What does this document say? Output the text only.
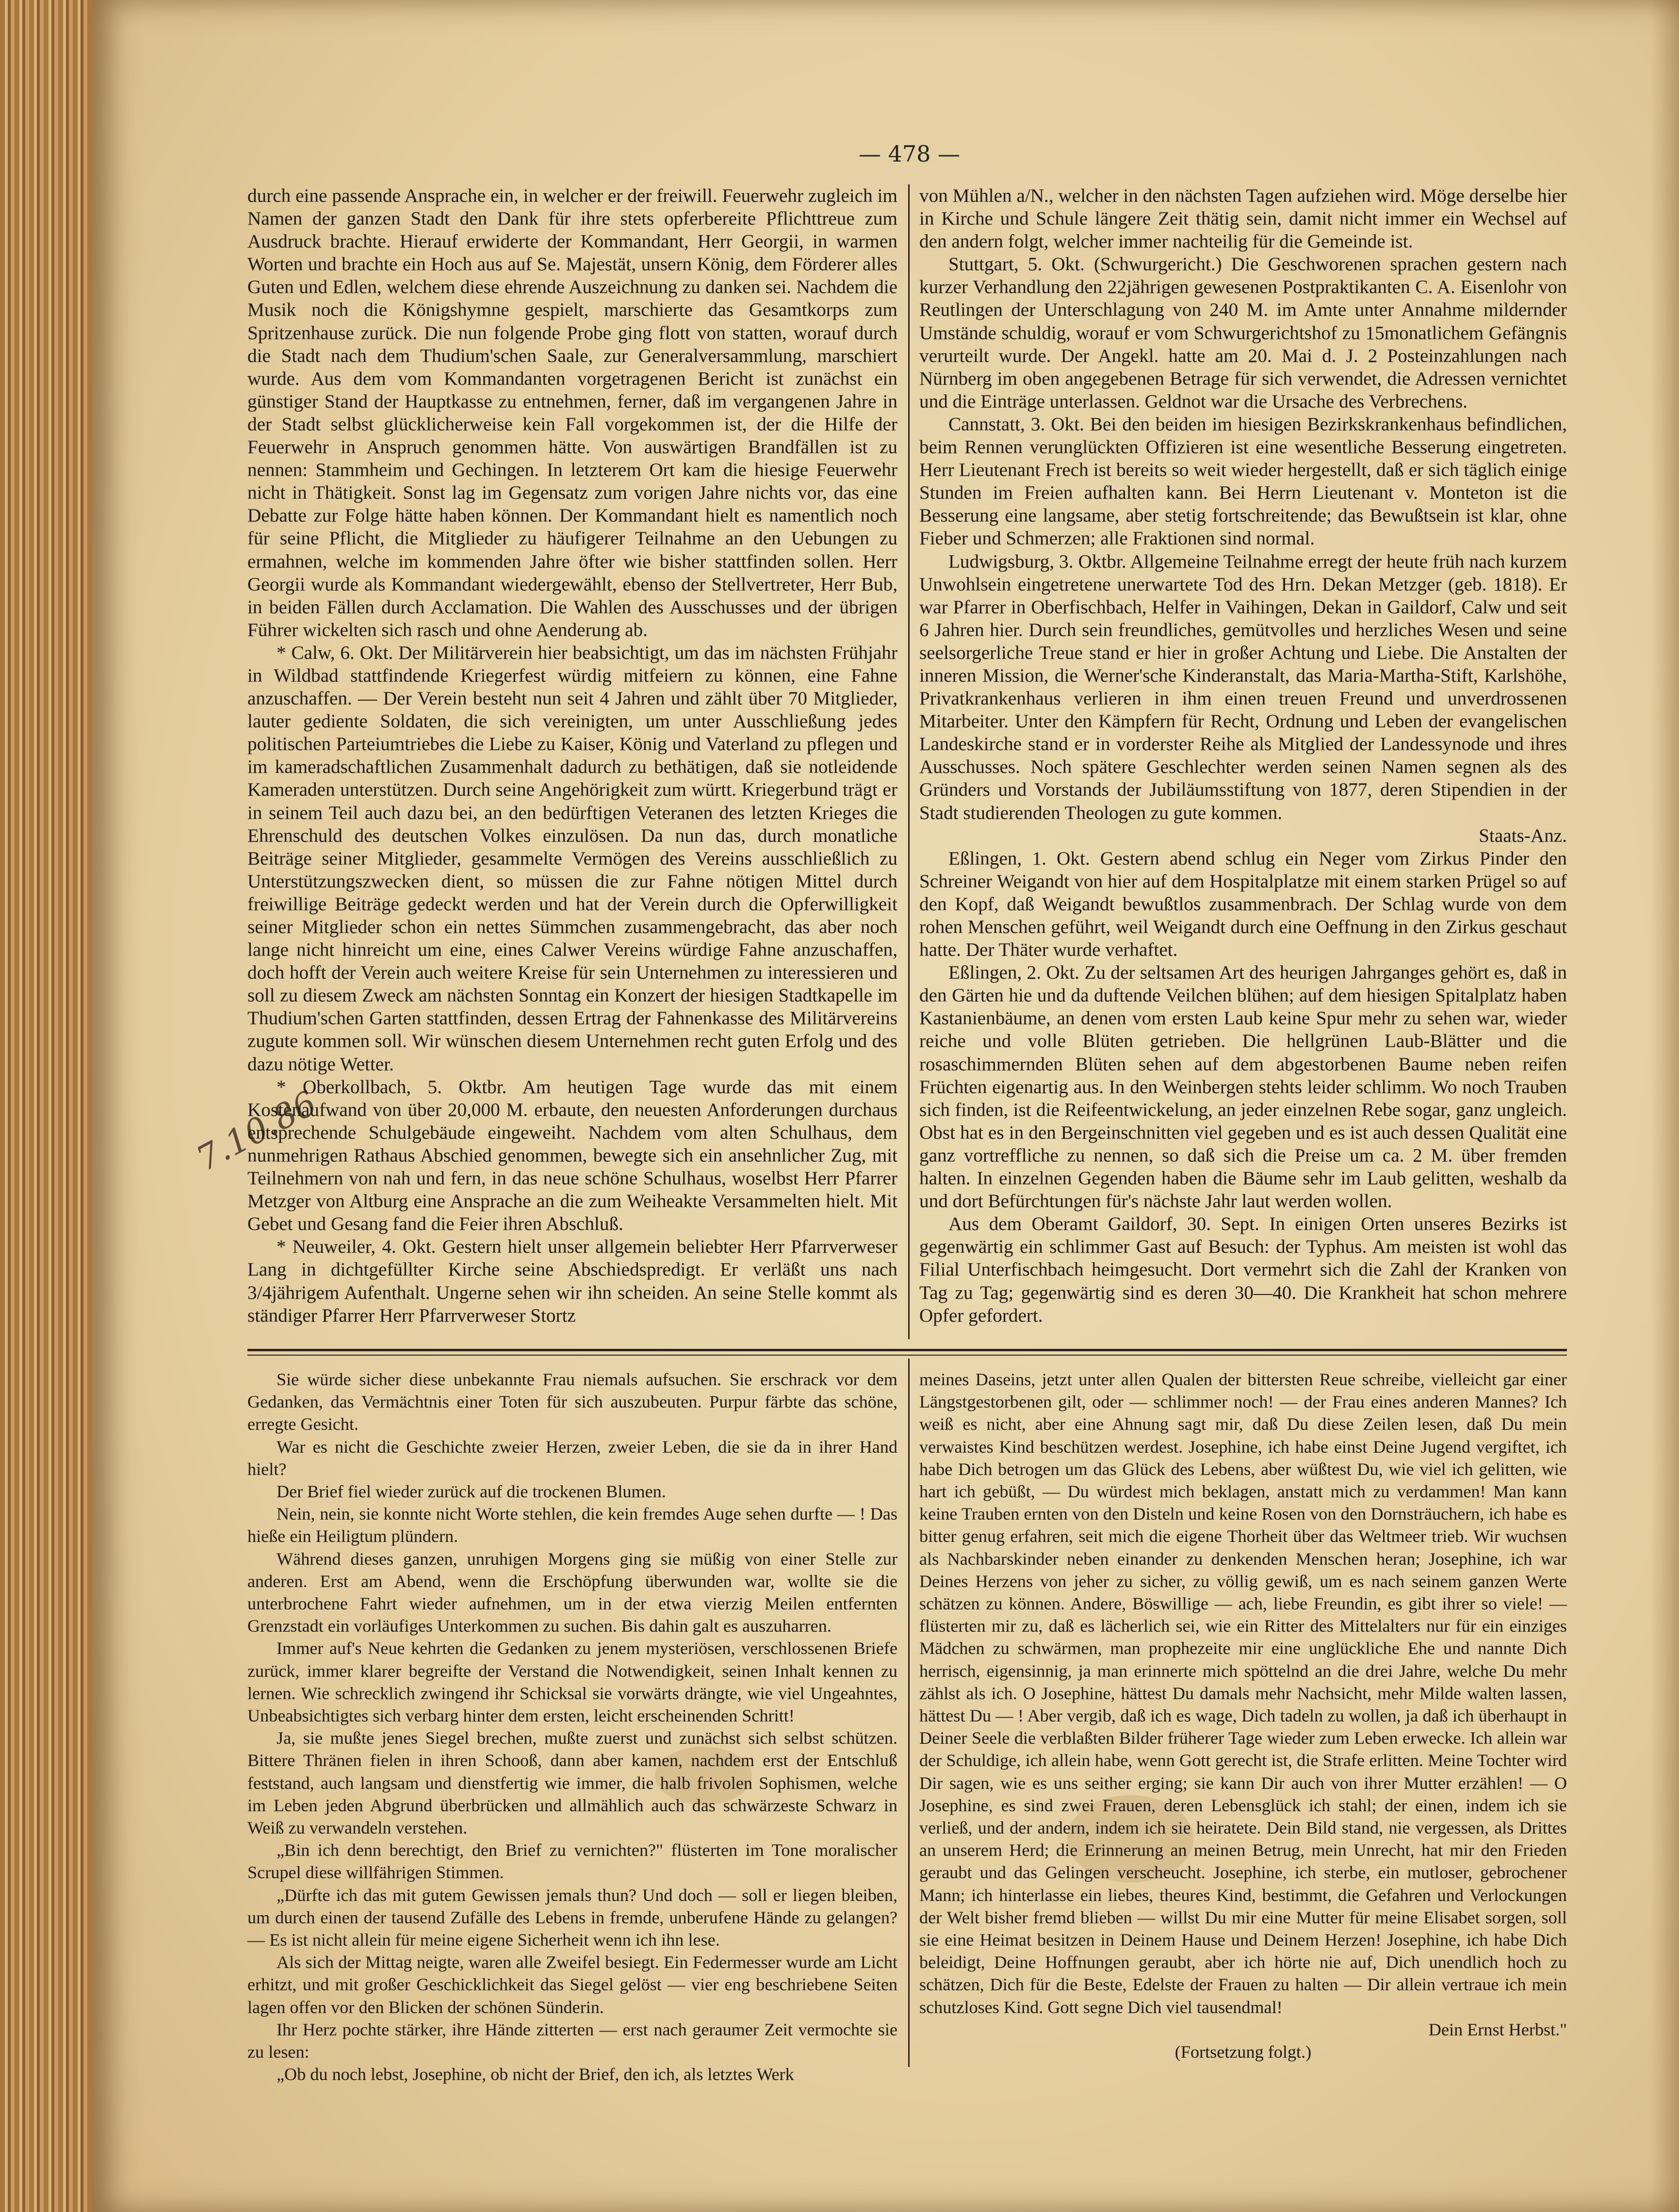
— 478 —
7.10.86

durch eine passende Ansprache ein, in welcher er der freiwill. Feuerwehr zugleich im Namen der ganzen Stadt den Dank für ihre stets opferbereite Pflichttreue zum Ausdruck brachte. Hierauf erwiderte der Kommandant, Herr Georgii, in warmen Worten und brachte ein Hoch aus auf Se. Majestät, unsern König, dem Förderer alles Guten und Edlen, welchem diese ehrende Auszeichnung zu danken sei. Nachdem die Musik noch die Königshymne gespielt, marschierte das Gesamtkorps zum Spritzenhause zurück. Die nun folgende Probe ging flott von statten, worauf durch die Stadt nach dem Thudium'schen Saale, zur Generalversammlung, marschiert wurde. Aus dem vom Kommandanten vorgetragenen Bericht ist zunächst ein günstiger Stand der Hauptkasse zu entnehmen, ferner, daß im vergangenen Jahre in der Stadt selbst glücklicherweise kein Fall vorgekommen ist, der die Hilfe der Feuerwehr in Anspruch genommen hätte. Von auswärtigen Brandfällen ist zu nennen: Stammheim und Gechingen. In letzterem Ort kam die hiesige Feuerwehr nicht in Thätigkeit. Sonst lag im Gegensatz zum vorigen Jahre nichts vor, das eine Debatte zur Folge hätte haben können. Der Kommandant hielt es namentlich noch für seine Pflicht, die Mitglieder zu häufigerer Teilnahme an den Uebungen zu ermahnen, welche im kommenden Jahre öfter wie bisher stattfinden sollen. Herr Georgii wurde als Kommandant wiedergewählt, ebenso der Stellvertreter, Herr Bub, in beiden Fällen durch Acclamation. Die Wahlen des Ausschusses und der übrigen Führer wickelten sich rasch und ohne Aenderung ab.

* Calw, 6. Okt. Der Militärverein hier beabsichtigt, um das im nächsten Frühjahr in Wildbad stattfindende Kriegerfest würdig mitfeiern zu können, eine Fahne anzuschaffen. — Der Verein besteht nun seit 4 Jahren und zählt über 70 Mitglieder, lauter gediente Soldaten, die sich vereinigten, um unter Ausschließung jedes politischen Parteiumtriebes die Liebe zu Kaiser, König und Vaterland zu pflegen und im kameradschaftlichen Zusammenhalt dadurch zu bethätigen, daß sie notleidende Kameraden unterstützen. Durch seine Angehörigkeit zum württ. Kriegerbund trägt er in seinem Teil auch dazu bei, an den bedürftigen Veteranen des letzten Krieges die Ehrenschuld des deutschen Volkes einzulösen. Da nun das, durch monatliche Beiträge seiner Mitglieder, gesammelte Vermögen des Vereins ausschließlich zu Unterstützungszwecken dient, so müssen die zur Fahne nötigen Mittel durch freiwillige Beiträge gedeckt werden und hat der Verein durch die Opferwilligkeit seiner Mitglieder schon ein nettes Sümmchen zusammengebracht, das aber noch lange nicht hinreicht um eine, eines Calwer Vereins würdige Fahne anzuschaffen, doch hofft der Verein auch weitere Kreise für sein Unternehmen zu interessieren und soll zu diesem Zweck am nächsten Sonntag ein Konzert der hiesigen Stadtkapelle im Thudium'schen Garten stattfinden, dessen Ertrag der Fahnenkasse des Militärvereins zugute kommen soll. Wir wünschen diesem Unternehmen recht guten Erfolg und des dazu nötige Wetter.

* Oberkollbach, 5. Oktbr. Am heutigen Tage wurde das mit einem Kostenaufwand von über 20,000 M. erbaute, den neuesten Anforderungen durchaus entsprechende Schulgebäude eingeweiht. Nachdem vom alten Schulhaus, dem nunmehrigen Rathaus Abschied genommen, bewegte sich ein ansehnlicher Zug, mit Teilnehmern von nah und fern, in das neue schöne Schulhaus, woselbst Herr Pfarrer Metzger von Altburg eine Ansprache an die zum Weiheakte Versammelten hielt. Mit Gebet und Gesang fand die Feier ihren Abschluß.

* Neuweiler, 4. Okt. Gestern hielt unser allgemein beliebter Herr Pfarrverweser Lang in dichtgefüllter Kirche seine Abschiedspredigt. Er verläßt uns nach 3/4jährigem Aufenthalt. Ungerne sehen wir ihn scheiden. An seine Stelle kommt als ständiger Pfarrer Herr Pfarrverweser Stortz

von Mühlen a/N., welcher in den nächsten Tagen aufziehen wird. Möge derselbe hier in Kirche und Schule längere Zeit thätig sein, damit nicht immer ein Wechsel auf den andern folgt, welcher immer nachteilig für die Gemeinde ist.

Stuttgart, 5. Okt. (Schwurgericht.) Die Geschworenen sprachen gestern nach kurzer Verhandlung den 22jährigen gewesenen Postpraktikanten C. A. Eisenlohr von Reutlingen der Unterschlagung von 240 M. im Amte unter Annahme mildernder Umstände schuldig, worauf er vom Schwurgerichtshof zu 15monatlichem Gefängnis verurteilt wurde. Der Angekl. hatte am 20. Mai d. J. 2 Posteinzahlungen nach Nürnberg im oben angegebenen Betrage für sich verwendet, die Adressen vernichtet und die Einträge unterlassen. Geldnot war die Ursache des Verbrechens.

Cannstatt, 3. Okt. Bei den beiden im hiesigen Bezirkskrankenhaus befindlichen, beim Rennen verunglückten Offizieren ist eine wesentliche Besserung eingetreten. Herr Lieutenant Frech ist bereits so weit wieder hergestellt, daß er sich täglich einige Stunden im Freien aufhalten kann. Bei Herrn Lieutenant v. Monteton ist die Besserung eine langsame, aber stetig fortschreitende; das Bewußtsein ist klar, ohne Fieber und Schmerzen; alle Fraktionen sind normal.

Ludwigsburg, 3. Oktbr. Allgemeine Teilnahme erregt der heute früh nach kurzem Unwohlsein eingetretene unerwartete Tod des Hrn. Dekan Metzger (geb. 1818). Er war Pfarrer in Oberfischbach, Helfer in Vaihingen, Dekan in Gaildorf, Calw und seit 6 Jahren hier. Durch sein freundliches, gemütvolles und herzliches Wesen und seine seelsorgerliche Treue stand er hier in großer Achtung und Liebe. Die Anstalten der inneren Mission, die Werner'sche Kinderanstalt, das Maria-Martha-Stift, Karlshöhe, Privatkrankenhaus verlieren in ihm einen treuen Freund und unverdrossenen Mitarbeiter. Unter den Kämpfern für Recht, Ordnung und Leben der evangelischen Landeskirche stand er in vorderster Reihe als Mitglied der Landessynode und ihres Ausschusses. Noch spätere Geschlechter werden seinen Namen segnen als des Gründers und Vorstands der Jubiläumsstiftung von 1877, deren Stipendien in der Stadt studierenden Theologen zu gute kommen.

Staats-Anz.

Eßlingen, 1. Okt. Gestern abend schlug ein Neger vom Zirkus Pinder den Schreiner Weigandt von hier auf dem Hospitalplatze mit einem starken Prügel so auf den Kopf, daß Weigandt bewußtlos zusammenbrach. Der Schlag wurde von dem rohen Menschen geführt, weil Weigandt durch eine Oeffnung in den Zirkus geschaut hatte. Der Thäter wurde verhaftet.

Eßlingen, 2. Okt. Zu der seltsamen Art des heurigen Jahrganges gehört es, daß in den Gärten hie und da duftende Veilchen blühen; auf dem hiesigen Spitalplatz haben Kastanienbäume, an denen vom ersten Laub keine Spur mehr zu sehen war, wieder reiche und volle Blüten getrieben. Die hellgrünen Laub-Blätter und die rosaschimmernden Blüten sehen auf dem abgestorbenen Baume neben reifen Früchten eigenartig aus. In den Weinbergen stehts leider schlimm. Wo noch Trauben sich finden, ist die Reifeentwickelung, an jeder einzelnen Rebe sogar, ganz ungleich. Obst hat es in den Bergeinschnitten viel gegeben und es ist auch dessen Qualität eine ganz vortreffliche zu nennen, so daß sich die Preise um ca. 2 M. über fremden halten. In einzelnen Gegenden haben die Bäume sehr im Laub gelitten, weshalb da und dort Befürchtungen für's nächste Jahr laut werden wollen.

Aus dem Oberamt Gaildorf, 30. Sept. In einigen Orten unseres Bezirks ist gegenwärtig ein schlimmer Gast auf Besuch: der Typhus. Am meisten ist wohl das Filial Unterfischbach heimgesucht. Dort vermehrt sich die Zahl der Kranken von Tag zu Tag; gegenwärtig sind es deren 30—40. Die Krankheit hat schon mehrere Opfer gefordert.

Sie würde sicher diese unbekannte Frau niemals aufsuchen. Sie erschrack vor dem Gedanken, das Vermächtnis einer Toten für sich auszubeuten. Purpur färbte das schöne, erregte Gesicht.

War es nicht die Geschichte zweier Herzen, zweier Leben, die sie da in ihrer Hand hielt?

Der Brief fiel wieder zurück auf die trockenen Blumen.

Nein, nein, sie konnte nicht Worte stehlen, die kein fremdes Auge sehen durfte — ! Das hieße ein Heiligtum plündern.

Während dieses ganzen, unruhigen Morgens ging sie müßig von einer Stelle zur anderen. Erst am Abend, wenn die Erschöpfung überwunden war, wollte sie die unterbrochene Fahrt wieder aufnehmen, um in der etwa vierzig Meilen entfernten Grenzstadt ein vorläufiges Unterkommen zu suchen. Bis dahin galt es auszuharren.

Immer auf's Neue kehrten die Gedanken zu jenem mysteriösen, verschlossenen Briefe zurück, immer klarer begreifte der Verstand die Notwendigkeit, seinen Inhalt kennen zu lernen. Wie schrecklich zwingend ihr Schicksal sie vorwärts drängte, wie viel Ungeahntes, Unbeabsichtigtes sich verbarg hinter dem ersten, leicht erscheinenden Schritt!

Ja, sie mußte jenes Siegel brechen, mußte zuerst und zunächst sich selbst schützen. Bittere Thränen fielen in ihren Schooß, dann aber kamen, nachdem erst der Entschluß feststand, auch langsam und dienstfertig wie immer, die halb frivolen Sophismen, welche im Leben jeden Abgrund überbrücken und allmählich auch das schwärzeste Schwarz in Weiß zu verwandeln verstehen.

„Bin ich denn berechtigt, den Brief zu vernichten?" flüsterten im Tone moralischer Scrupel diese willfährigen Stimmen.

„Dürfte ich das mit gutem Gewissen jemals thun? Und doch — soll er liegen bleiben, um durch einen der tausend Zufälle des Lebens in fremde, unberufene Hände zu gelangen? — Es ist nicht allein für meine eigene Sicherheit wenn ich ihn lese.

Als sich der Mittag neigte, waren alle Zweifel besiegt. Ein Federmesser wurde am Licht erhitzt, und mit großer Geschicklichkeit das Siegel gelöst — vier eng beschriebene Seiten lagen offen vor den Blicken der schönen Sünderin.

Ihr Herz pochte stärker, ihre Hände zitterten — erst nach geraumer Zeit vermochte sie zu lesen:

„Ob du noch lebst, Josephine, ob nicht der Brief, den ich, als letztes Werk

meines Daseins, jetzt unter allen Qualen der bittersten Reue schreibe, vielleicht gar einer Längstgestorbenen gilt, oder — schlimmer noch! — der Frau eines anderen Mannes? Ich weiß es nicht, aber eine Ahnung sagt mir, daß Du diese Zeilen lesen, daß Du mein verwaistes Kind beschützen werdest. Josephine, ich habe einst Deine Jugend vergiftet, ich habe Dich betrogen um das Glück des Lebens, aber wüßtest Du, wie viel ich gelitten, wie hart ich gebüßt, — Du würdest mich beklagen, anstatt mich zu verdammen! Man kann keine Trauben ernten von den Disteln und keine Rosen von den Dornsträuchern, ich habe es bitter genug erfahren, seit mich die eigene Thorheit über das Weltmeer trieb. Wir wuchsen als Nachbarskinder neben einander zu denkenden Menschen heran; Josephine, ich war Deines Herzens von jeher zu sicher, zu völlig gewiß, um es nach seinem ganzen Werte schätzen zu können. Andere, Böswillige — ach, liebe Freundin, es gibt ihrer so viele! — flüsterten mir zu, daß es lächerlich sei, wie ein Ritter des Mittelalters nur für ein einziges Mädchen zu schwärmen, man prophezeite mir eine unglückliche Ehe und nannte Dich herrisch, eigensinnig, ja man erinnerte mich spöttelnd an die drei Jahre, welche Du mehr zählst als ich. O Josephine, hättest Du damals mehr Nachsicht, mehr Milde walten lassen, hättest Du — ! Aber vergib, daß ich es wage, Dich tadeln zu wollen, ja daß ich überhaupt in Deiner Seele die verblaßten Bilder früherer Tage wieder zum Leben erwecke. Ich allein war der Schuldige, ich allein habe, wenn Gott gerecht ist, die Strafe erlitten. Meine Tochter wird Dir sagen, wie es uns seither erging; sie kann Dir auch von ihrer Mutter erzählen! — O Josephine, es sind zwei Frauen, deren Lebensglück ich stahl; der einen, indem ich sie verließ, und der andern, indem ich sie heiratete. Dein Bild stand, nie vergessen, als Drittes an unserem Herd; die Erinnerung an meinen Betrug, mein Unrecht, hat mir den Frieden geraubt und das Gelingen verscheucht. Josephine, ich sterbe, ein mutloser, gebrochener Mann; ich hinterlasse ein liebes, theures Kind, bestimmt, die Gefahren und Verlockungen der Welt bisher fremd blieben — willst Du mir eine Mutter für meine Elisabet sorgen, soll sie eine Heimat besitzen in Deinem Hause und Deinem Herzen! Josephine, ich habe Dich beleidigt, Deine Hoffnungen geraubt, aber ich hörte nie auf, Dich unendlich hoch zu schätzen, Dich für die Beste, Edelste der Frauen zu halten — Dir allein vertraue ich mein schutzloses Kind. Gott segne Dich viel tausendmal!

Dein Ernst Herbst."

(Fortsetzung folgt.)
